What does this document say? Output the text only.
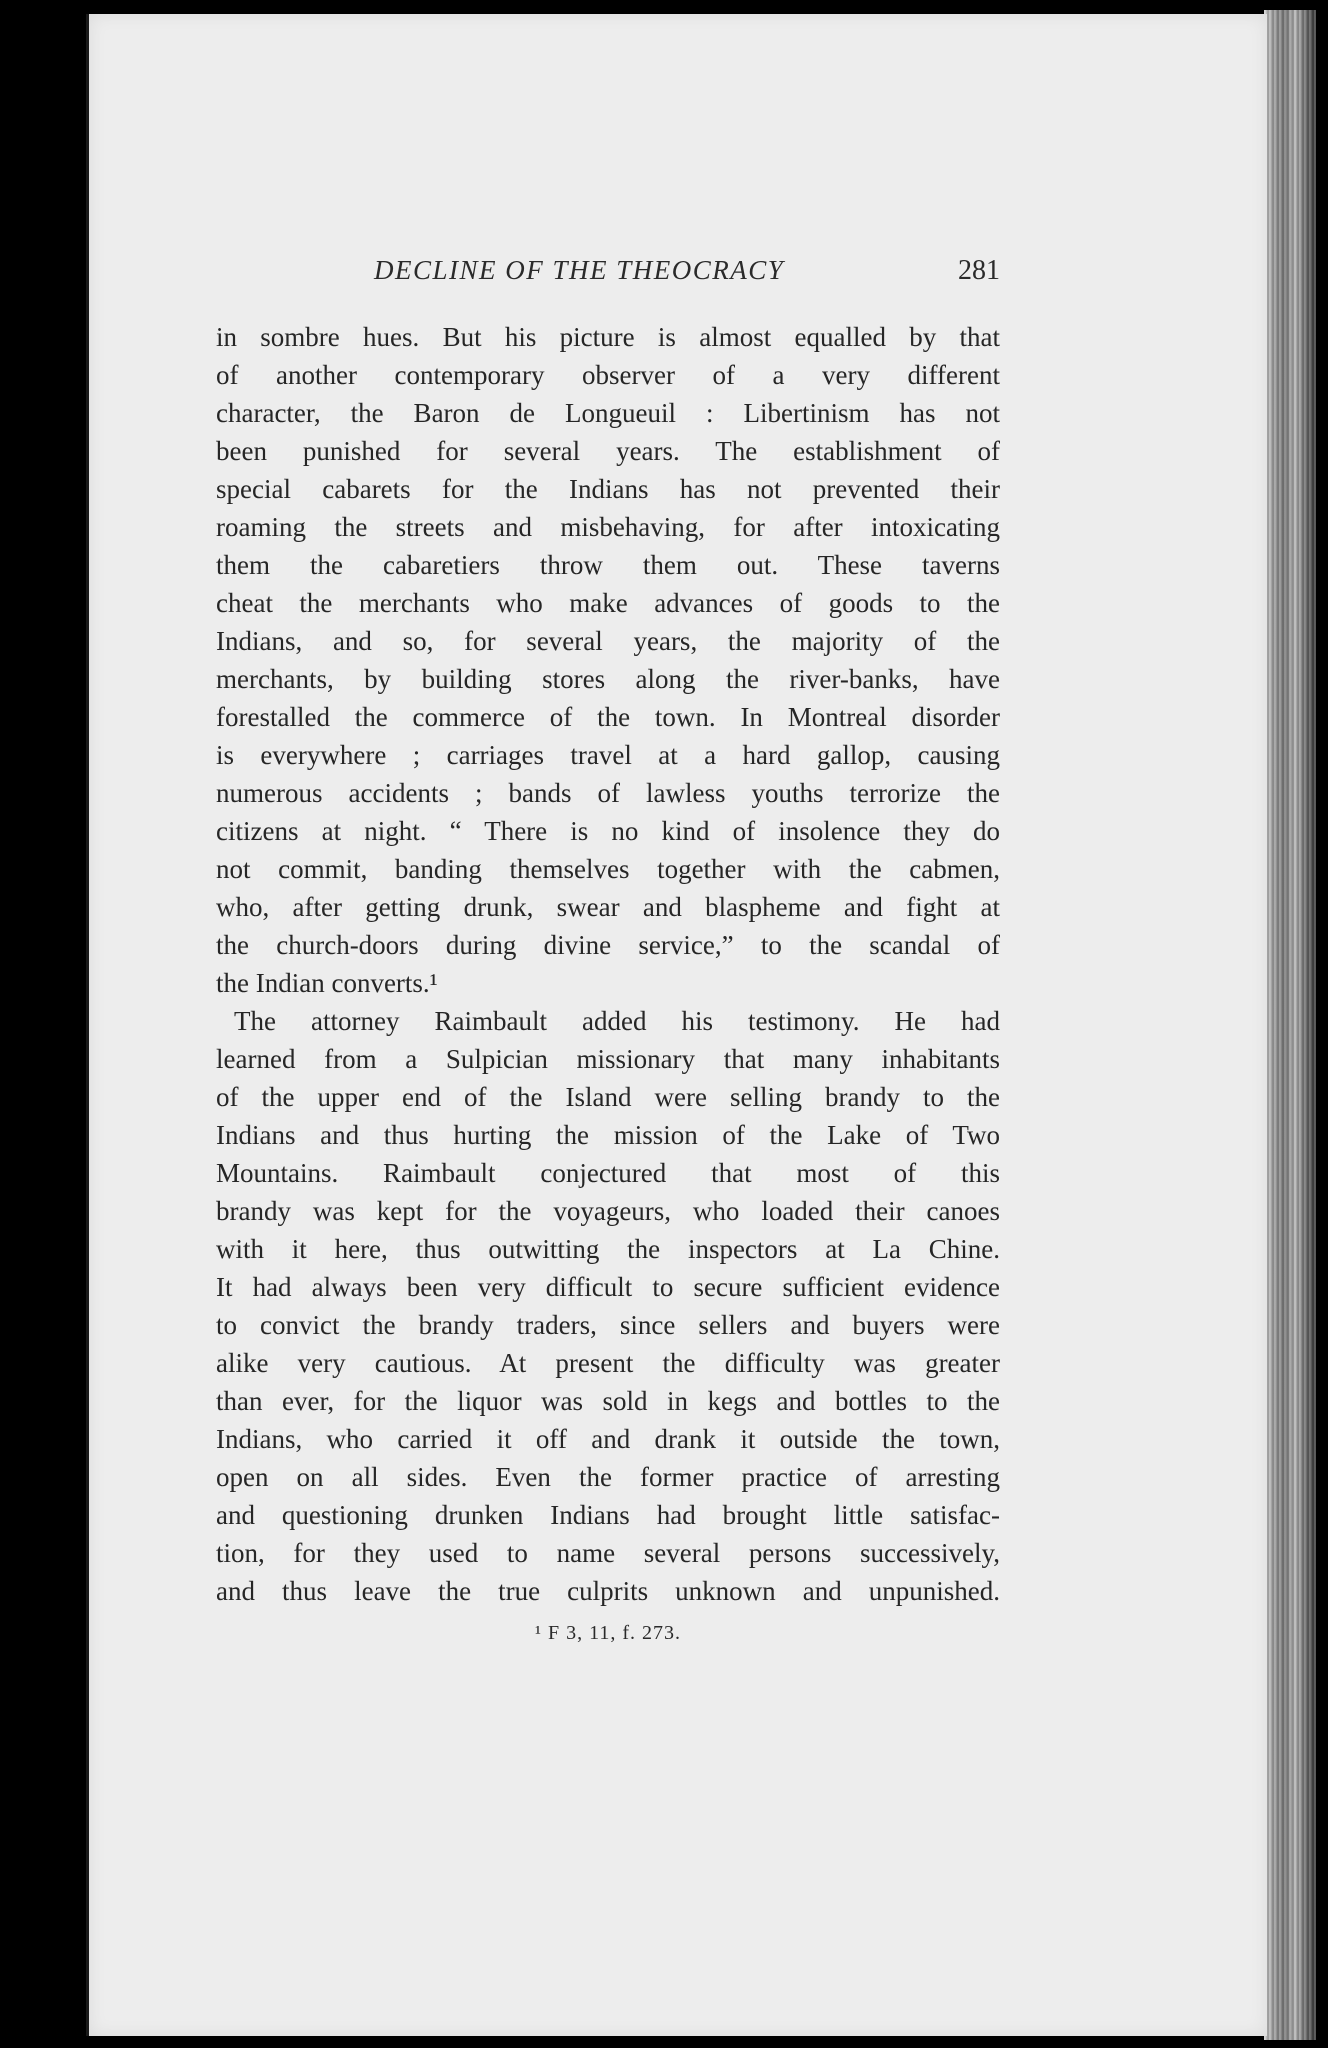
DECLINE OF THE THEOCRACY	281
in sombre hues. But his picture is almost equalled by that
of another contemporary observer of a very different
character, the Baron de Longueuil : Libertinism has not
been punished for several years. The establishment of
special cabarets for the Indians has not prevented their
roaming the streets and misbehaving, for after intoxicating
them the cabaretiers throw them out. These taverns
cheat the merchants who make advances of goods to the
Indians, and so, for several years, the majority of the
merchants, by building stores along the river-banks, have
forestalled the commerce of the town. In Montreal disorder
is everywhere ; carriages travel at a hard gallop, causing
numerous accidents ; bands of lawless youths terrorize the
citizens at night. “ There is no kind of insolence they do
not commit, banding themselves together with the cabmen,
who, after getting drunk, swear and blaspheme and fight at
the church-doors during divine service,” to the scandal of
the Indian converts.¹
The attorney Raimbault added his testimony. He had
learned from a Sulpician missionary that many inhabitants
of the upper end of the Island were selling brandy to the
Indians and thus hurting the mission of the Lake of Two
Mountains. Raimbault conjectured that most of this
brandy was kept for the voyageurs, who loaded their canoes
with it here, thus outwitting the inspectors at La Chine.
It had always been very difficult to secure sufficient evidence
to convict the brandy traders, since sellers and buyers were
alike very cautious. At present the difficulty was greater
than ever, for the liquor was sold in kegs and bottles to the
Indians, who carried it off and drank it outside the town,
open on all sides. Even the former practice of arresting
and questioning drunken Indians had brought little satisfac-
tion, for they used to name several persons successively,
and thus leave the true culprits unknown and unpunished.
¹ F 3, 11, f. 273.
